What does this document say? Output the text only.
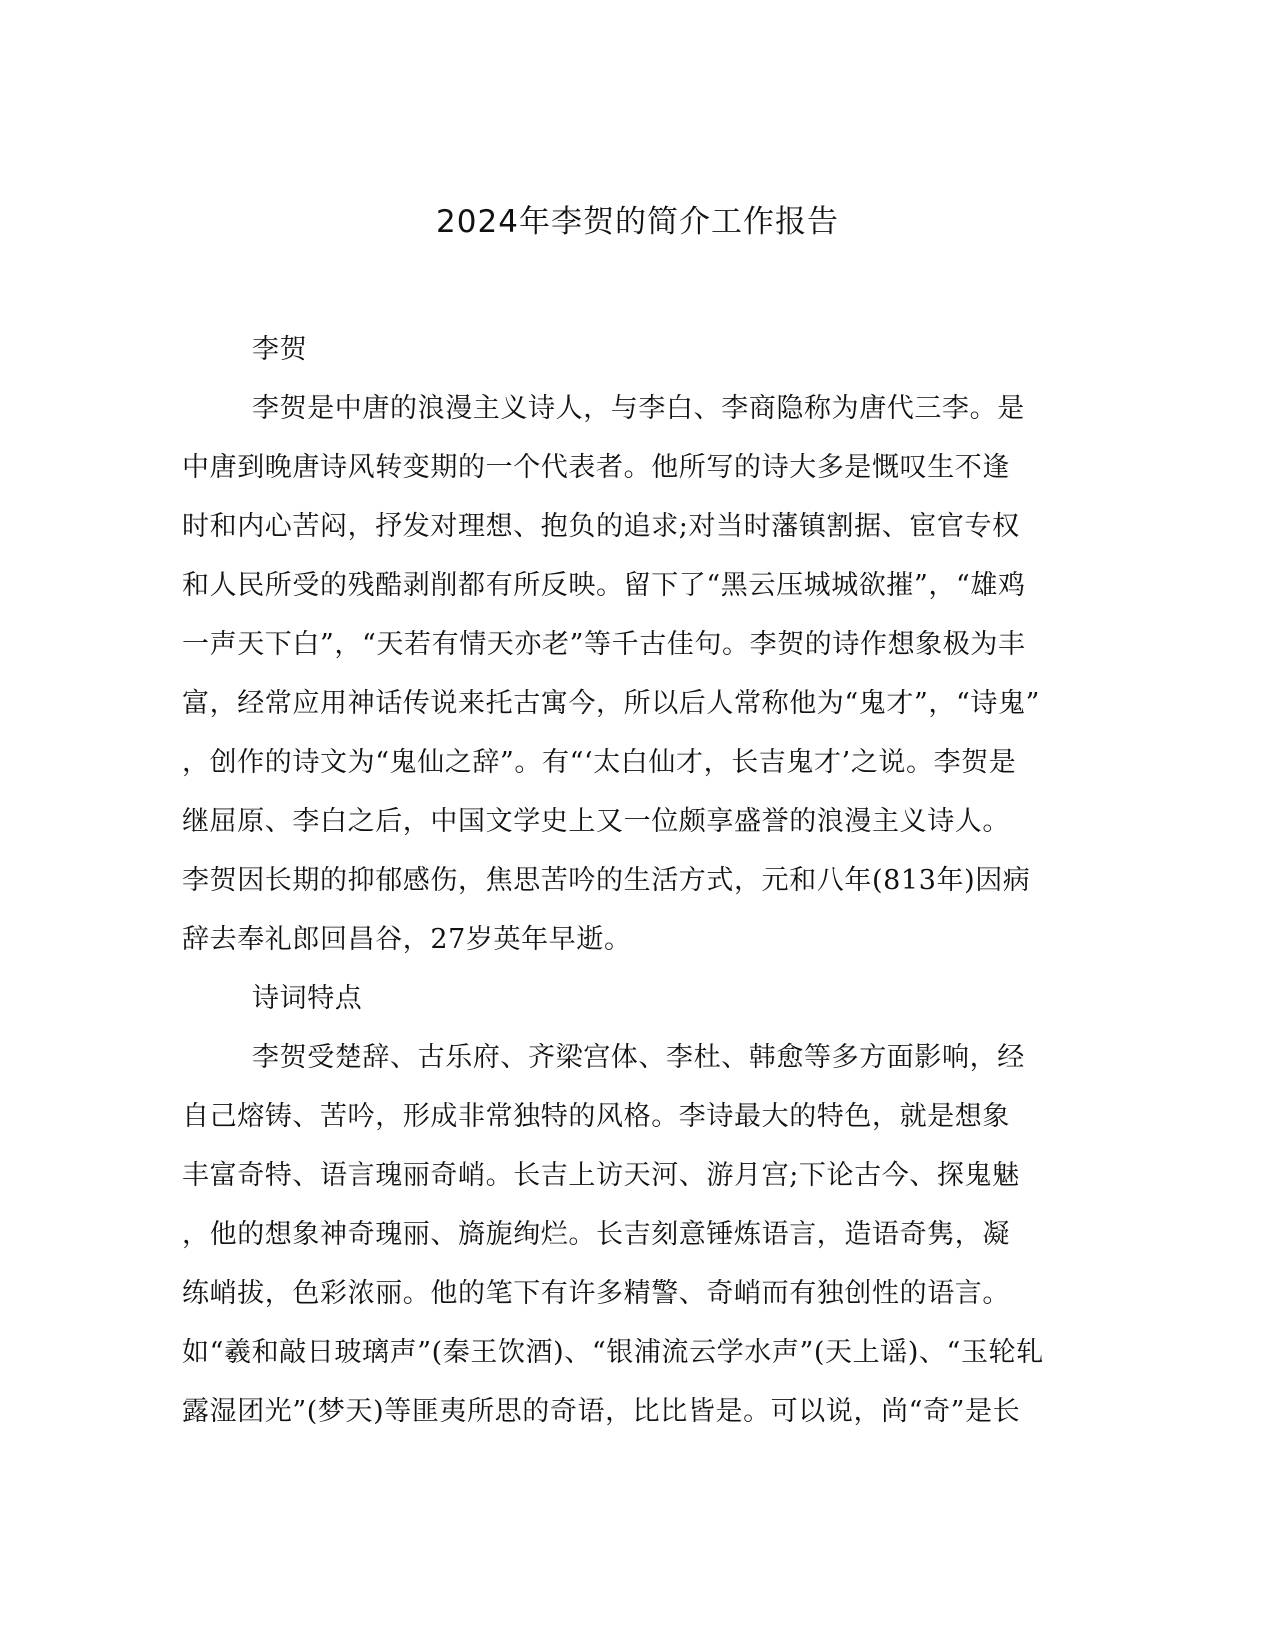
2024年李贺的简介工作报告
李贺
李贺是中唐的浪漫主义诗人，与李白、李商隐称为唐代三李。是
中唐到晚唐诗风转变期的一个代表者。他所写的诗大多是慨叹生不逢
时和内心苦闷，抒发对理想、抱负的追求;对当时藩镇割据、宦官专权
和人民所受的残酷剥削都有所反映。留下了“黑云压城城欲摧”，“雄鸡
一声天下白”，“天若有情天亦老”等千古佳句。李贺的诗作想象极为丰
富，经常应用神话传说来托古寓今，所以后人常称他为“鬼才”，“诗鬼”
，创作的诗文为“鬼仙之辞”。有“‘太白仙才，长吉鬼才’之说。李贺是
继屈原、李白之后，中国文学史上又一位颇享盛誉的浪漫主义诗人。
李贺因长期的抑郁感伤，焦思苦吟的生活方式，元和八年(813年)因病
辞去奉礼郎回昌谷，27岁英年早逝。
诗词特点
李贺受楚辞、古乐府、齐梁宫体、李杜、韩愈等多方面影响，经
自己熔铸、苦吟，形成非常独特的风格。李诗最大的特色，就是想象
丰富奇特、语言瑰丽奇峭。长吉上访天河、游月宫;下论古今、探鬼魅
，他的想象神奇瑰丽、旖旎绚烂。长吉刻意锤炼语言，造语奇隽，凝
练峭拔，色彩浓丽。他的笔下有许多精警、奇峭而有独创性的语言。
如“羲和敲日玻璃声”(秦王饮酒)、“银浦流云学水声”(天上谣)、“玉轮轧
露湿团光”(梦天)等匪夷所思的奇语，比比皆是。可以说，尚“奇”是长
